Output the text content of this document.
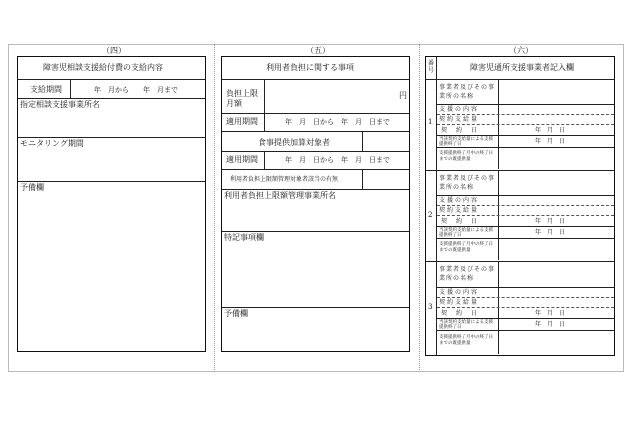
（四）
障害児相談支援給付費の支給内容
支給期間	年　月から　　年　月まで
指定相談支援事業所名
モニタリング期間
予備欄
（五）
利用者負担に関する事項
負担上限月額
円
適用期間	年　月　日から　年　月　日まで
食事提供加算対象者
適用期間	年　月　日から　年　月　日まで
利用者負担上限額管理対象者該当の有無
利用者負担上限額管理事業所名
特記事項欄
予備欄
（六）
番号	障害児通所支援事業者記入欄
1
事業者及びその事業所の名称
支援の内容
契約支給量
契約日	年　月　日
当該契約支給量による支援提供終了日	年　月　日
支援提供終了月中の終了日までの既提供量
2
事業者及びその事業所の名称
支援の内容
契約支給量
契約日	年　月　日
当該契約支給量による支援提供終了日	年　月　日
支援提供終了月中の終了日までの既提供量
3
事業者及びその事業所の名称
支援の内容
契約支給量
契約日	年　月　日
当該契約支給量による支援提供終了日	年　月　日
支援提供終了月中の終了日までの既提供量
